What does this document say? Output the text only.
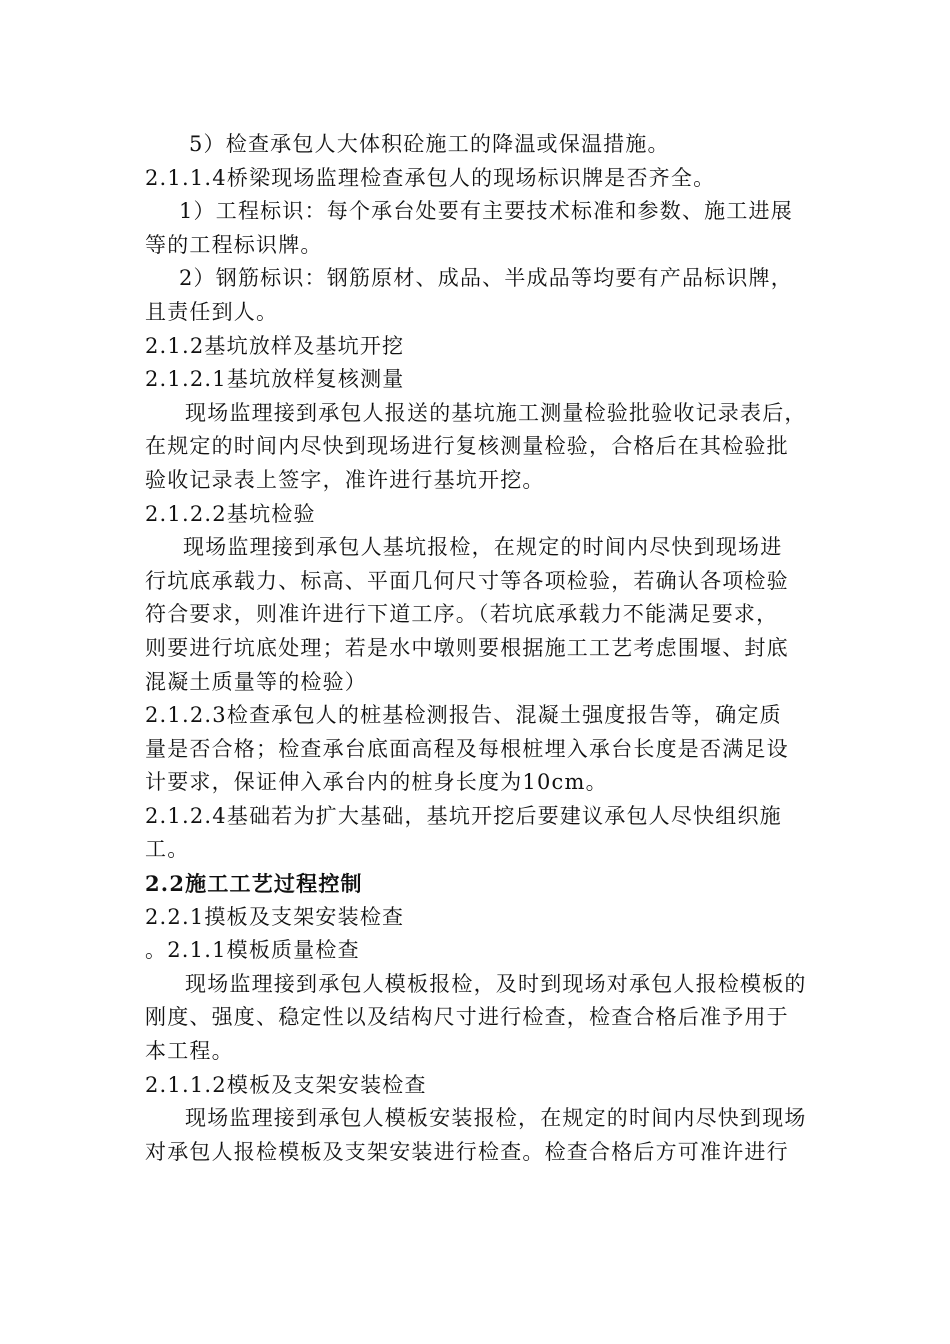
5）检查承包人大体积砼施工的降温或保温措施。
2.1.1.4桥梁现场监理检查承包人的现场标识牌是否齐全。
1）工程标识：每个承台处要有主要技术标准和参数、施工进展
等的工程标识牌。
2）钢筋标识：钢筋原材、成品、半成品等均要有产品标识牌，
且责任到人。
2.1.2基坑放样及基坑开挖
2.1.2.1基坑放样复核测量
现场监理接到承包人报送的基坑施工测量检验批验收记录表后，
在规定的时间内尽快到现场进行复核测量检验，合格后在其检验批
验收记录表上签字，准许进行基坑开挖。
2.1.2.2基坑检验
现场监理接到承包人基坑报检，在规定的时间内尽快到现场进
行坑底承载力、标高、平面几何尺寸等各项检验，若确认各项检验
符合要求，则准许进行下道工序。（若坑底承载力不能满足要求，
则要进行坑底处理；若是水中墩则要根据施工工艺考虑围堰、封底
混凝土质量等的检验）
2.1.2.3检查承包人的桩基检测报告、混凝土强度报告等，确定质
量是否合格；检查承台底面高程及每根桩埋入承台长度是否满足设
计要求，保证伸入承台内的桩身长度为10cm。
2.1.2.4基础若为扩大基础，基坑开挖后要建议承包人尽快组织施
工。
2.2施工工艺过程控制
2.2.1摸板及支架安装检查
。2.1.1模板质量检查
现场监理接到承包人模板报检，及时到现场对承包人报检模板的
刚度、强度、稳定性以及结构尺寸进行检查，检查合格后准予用于
本工程。
2.1.1.2模板及支架安装检查
现场监理接到承包人模板安装报检，在规定的时间内尽快到现场
对承包人报检模板及支架安装进行检查。检查合格后方可准许进行
